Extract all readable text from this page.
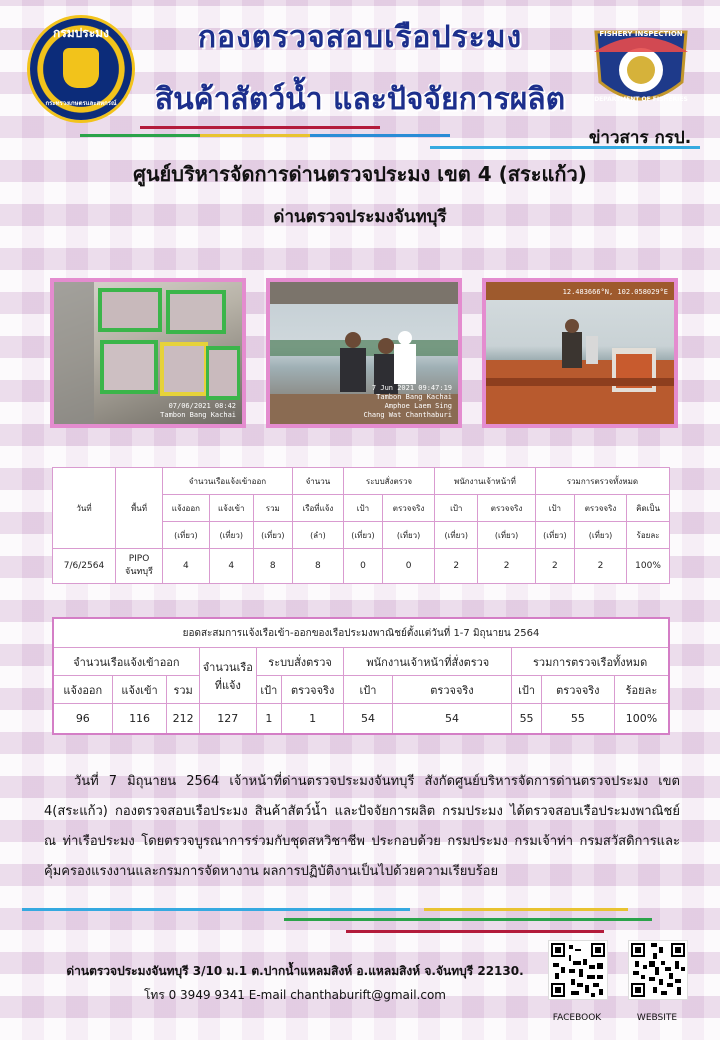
กรมประมง
กระทรวงเกษตรและสหกรณ์
กองตรวจสอบเรือประมง
สินค้าสัตว์น้ำ และปัจจัยการผลิต
FISHERY INSPECTION
DEPARTMENT OF FISHERIES
ข่าวสาร กรป.
ศูนย์บริหารจัดการด่านตรวจประมง เขต 4 (สระแก้ว)
ด่านตรวจประมงจันทบุรี
07/06/2021 08:42
Tambon Bang Kachai
7 Jun 2021 09:47:19
Tambon Bang Kachai
Amphoe Laem Sing
Chang Wat Chanthaburi
12.483666°N, 102.058029°E
วันที่	พื้นที่	จำนวนเรือแจ้งเข้าออก			จำนวน	ระบบสั่งตรวจ		พนักงานเจ้าหน้าที่		รวมการตรวจทั้งหมด		
		แจ้งออก	แจ้งเข้า	รวม	เรือที่แจ้ง	เป้า	ตรวจจริง	เป้า	ตรวจจริง	เป้า	ตรวจจริง	คิดเป็น
		(เที่ยว)	(เที่ยว)	(เที่ยว)	(ลำ)	(เที่ยว)	(เที่ยว)	(เที่ยว)	(เที่ยว)	(เที่ยว)	(เที่ยว)	ร้อยละ
7/6/2564	PIPO จันทบุรี	4	4	8	8	0	0	2	2	2	2	100%
ยอดสะสมการแจ้งเรือเข้า-ออกของเรือประมงพาณิชย์ตั้งแต่วันที่ 1-7 มิถุนายน 2564										
จำนวนเรือแจ้งเข้าออก			จำนวนเรือ
ที่แจ้ง	ระบบสั่งตรวจ		พนักงานเจ้าหน้าที่สั่งตรวจ		รวมการตรวจเรือทั้งหมด		
แจ้งออก	แจ้งเข้า	รวม		เป้า	ตรวจจริง	เป้า	ตรวจจริง	เป้า	ตรวจจริง	ร้อยละ
96	116	212	127	1	1	54	54	55	55	100%
วันที่ 7 มิถุนายน 2564 เจ้าหน้าที่ด่านตรวจประมงจันทบุรี สังกัดศูนย์บริหารจัดการด่านตรวจประมง เขต 4(สระแก้ว) กองตรวจสอบเรือประมง สินค้าสัตว์น้ำ และปัจจัยการผลิต กรมประมง ได้ตรวจสอบเรือประมงพาณิชย์ ณ ท่าเรือประมง โดยตรวจบูรณาการร่วมกับชุดสหวิชาชีพ ประกอบด้วย กรมประมง กรมเจ้าท่า กรมสวัสดิการและคุ้มครองแรงงานและกรมการจัดหางาน ผลการปฏิบัติงานเป็นไปด้วยความเรียบร้อย
ด่านตรวจประมงจันทบุรี 3/10 ม.1 ต.ปากน้ำแหลมสิงห์ อ.แหลมสิงห์ จ.จันทบุรี 22130.
โทร 0 3949 9341 E-mail chanthaburift@gmail.com
FACEBOOK	WEBSITE
